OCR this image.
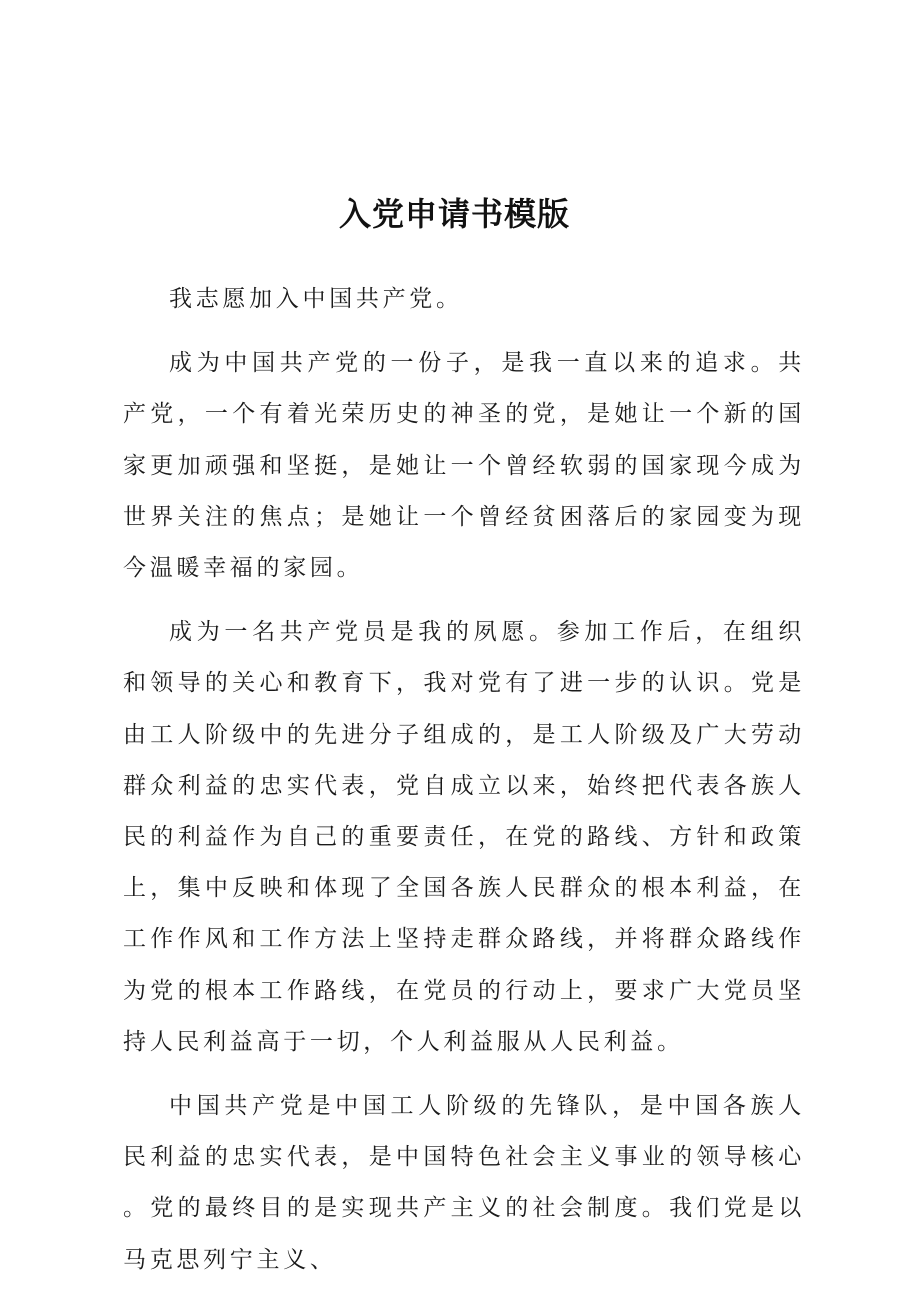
入党申请书模版

我志愿加入中国共产党。

成为中国共产党的一份子，是我一直以来的追求。共产党，一个有着光荣历史的神圣的党，是她让一个新的国家更加顽强和坚挺，是她让一个曾经软弱的国家现今成为世界关注的焦点；是她让一个曾经贫困落后的家园变为现今温暖幸福的家园。

成为一名共产党员是我的夙愿。参加工作后，在组织和领导的关心和教育下，我对党有了进一步的认识。党是由工人阶级中的先进分子组成的，是工人阶级及广大劳动群众利益的忠实代表，党自成立以来，始终把代表各族人民的利益作为自己的重要责任，在党的路线、方针和政策上，集中反映和体现了全国各族人民群众的根本利益，在工作作风和工作方法上坚持走群众路线，并将群众路线作为党的根本工作路线，在党员的行动上，要求广大党员坚持人民利益高于一切，个人利益服从人民利益。

中国共产党是中国工人阶级的先锋队，是中国各族人民利益的忠实代表，是中国特色社会主义事业的领导核心。党的最终目的是实现共产主义的社会制度。我们党是以马克思列宁主义、
